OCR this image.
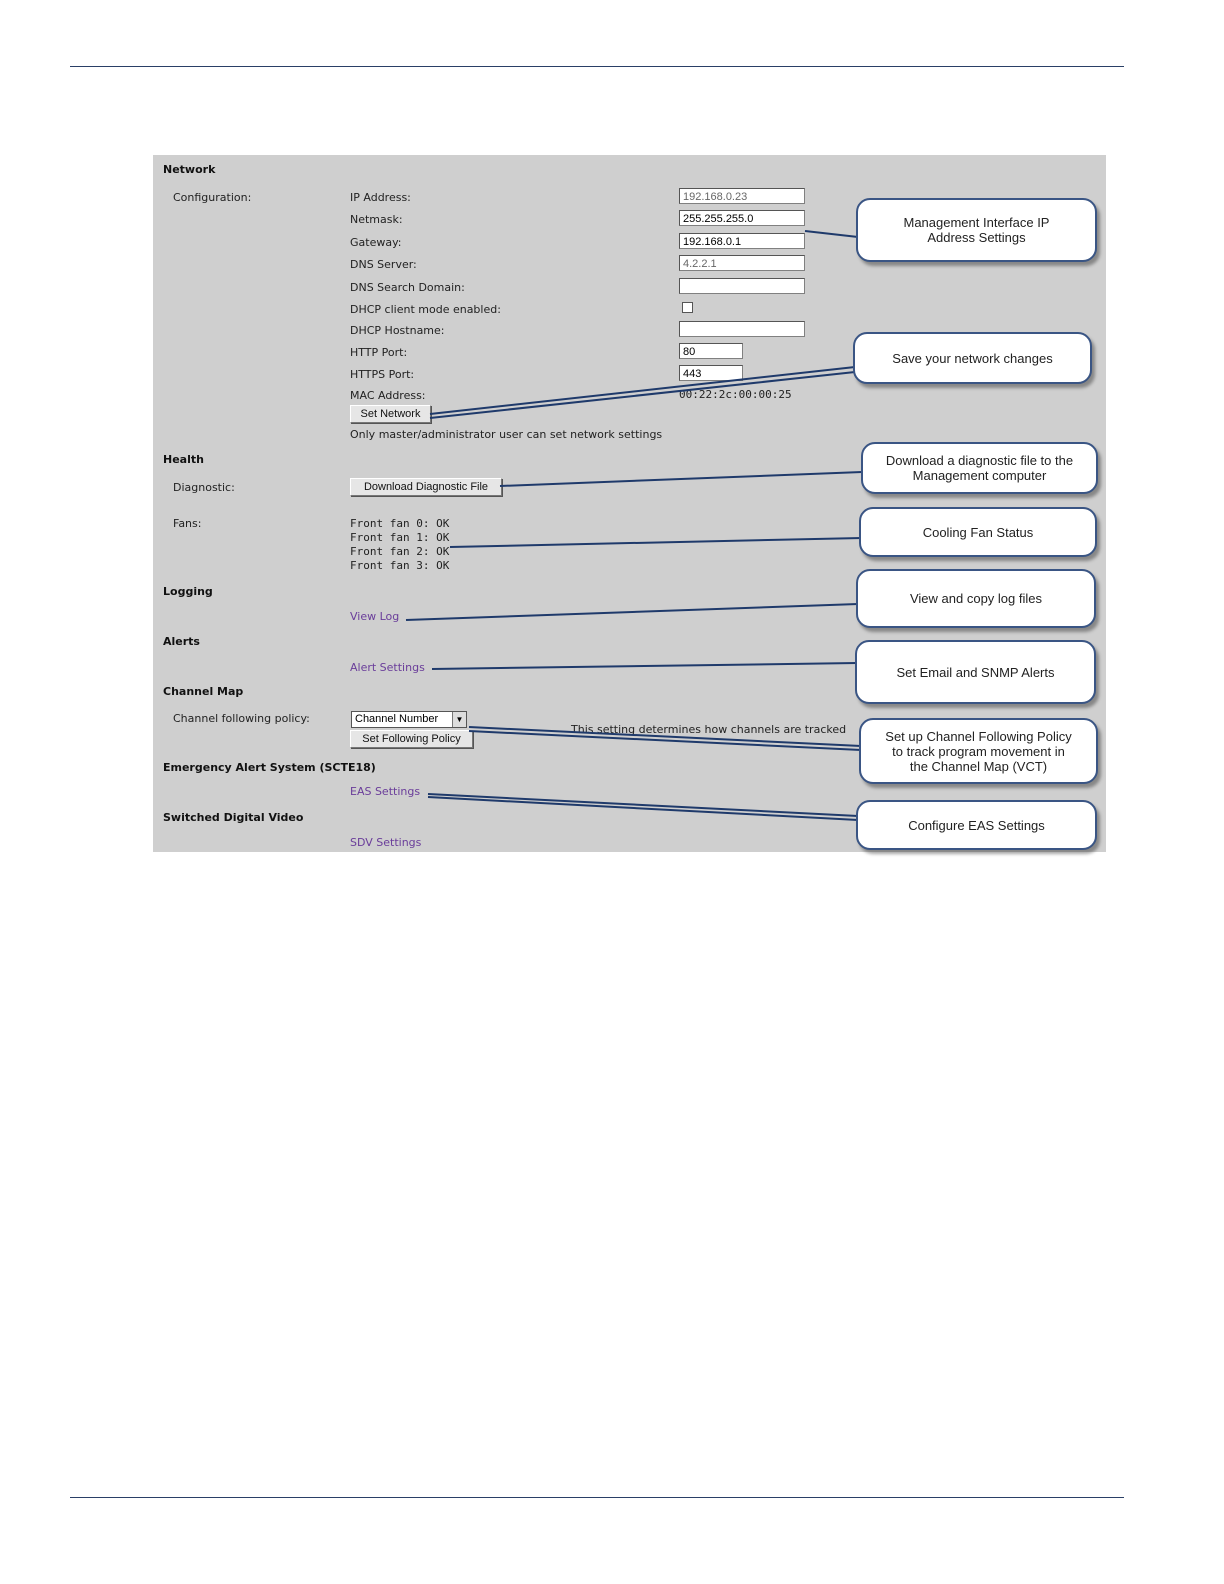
Network
Configuration:	IP Address:	192.168.0.23
Netmask:	255.255.255.0
Gateway:	192.168.0.1
DNS Server:	4.2.2.1
DNS Search Domain:
DHCP client mode enabled:
DHCP Hostname:
HTTP Port:	80
HTTPS Port:	443
MAC Address:	00:22:2c:00:00:25
Set Network
Only master/administrator user can set network settings
Health
Diagnostic:	Download Diagnostic File
Fans:	Front fan 0: OK
Front fan 1: OK
Front fan 2: OK
Front fan 3: OK
Logging
View Log
Alerts
Alert Settings
Channel Map
Channel following policy:	Channel Number	▼
Set Following Policy
This setting determines how channels are tracked
Emergency Alert System (SCTE18)
EAS Settings
Switched Digital Video
SDV Settings
Management Interface IP
Address Settings
Save your network changes
Download a diagnostic file to the
Management computer
Cooling Fan Status
View and copy log files
Set Email and SNMP Alerts
Set up Channel Following Policy
to track program movement in
the Channel Map (VCT)
Configure EAS Settings
